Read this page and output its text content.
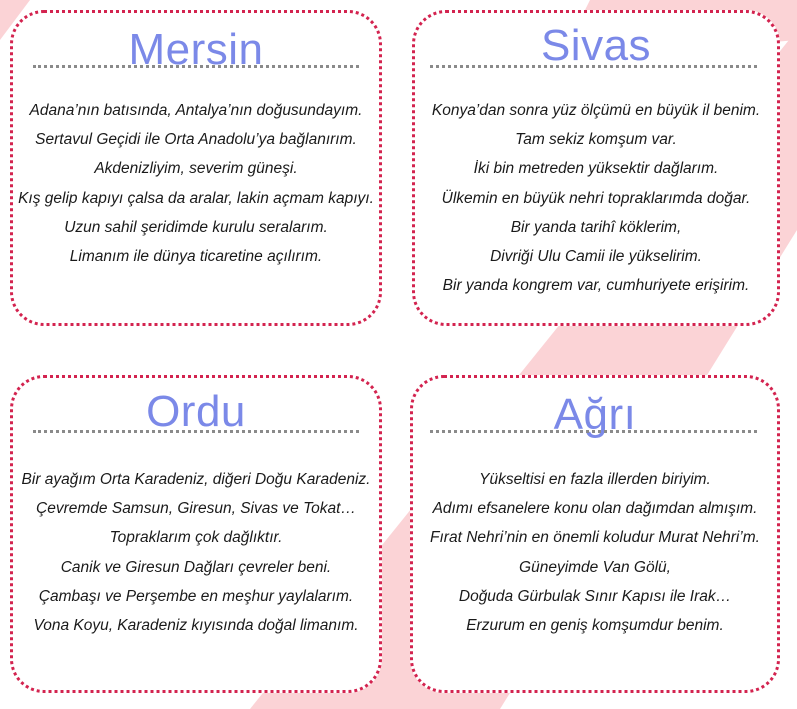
Mersin
Adana’nın batısında, Antalya’nın doğusundayım.
Sertavul Geçidi ile Orta Anadolu’ya bağlanırım.
Akdenizliyim, severim güneşi.
Kış gelip kapıyı çalsa da aralar, lakin açmam kapıyı.
Uzun sahil şeridimde kurulu seralarım.
Limanım ile dünya ticaretine açılırım.
Sivas
Konya’dan sonra yüz ölçümü en büyük il benim.
Tam sekiz komşum var.
İki bin metreden yüksektir dağlarım.
Ülkemin en büyük nehri topraklarımda doğar.
Bir yanda tarihî köklerim,
Divriği Ulu Camii ile yükselirim.
Bir yanda kongrem var, cumhuriyete erişirim.
Ordu
Bir ayağım Orta Karadeniz, diğeri Doğu Karadeniz.
Çevremde Samsun, Giresun, Sivas ve Tokat…
Topraklarım çok dağlıktır.
Canik ve Giresun Dağları çevreler beni.
Çambaşı ve Perşembe en meşhur yaylalarım.
Vona Koyu, Karadeniz kıyısında doğal limanım.
Ağrı
Yükseltisi en fazla illerden biriyim.
Adımı efsanelere konu olan dağımdan almışım.
Fırat Nehri’nin en önemli koludur Murat Nehri’m.
Güneyimde Van Gölü,
Doğuda Gürbulak Sınır Kapısı ile Irak…
Erzurum en geniş komşumdur benim.
